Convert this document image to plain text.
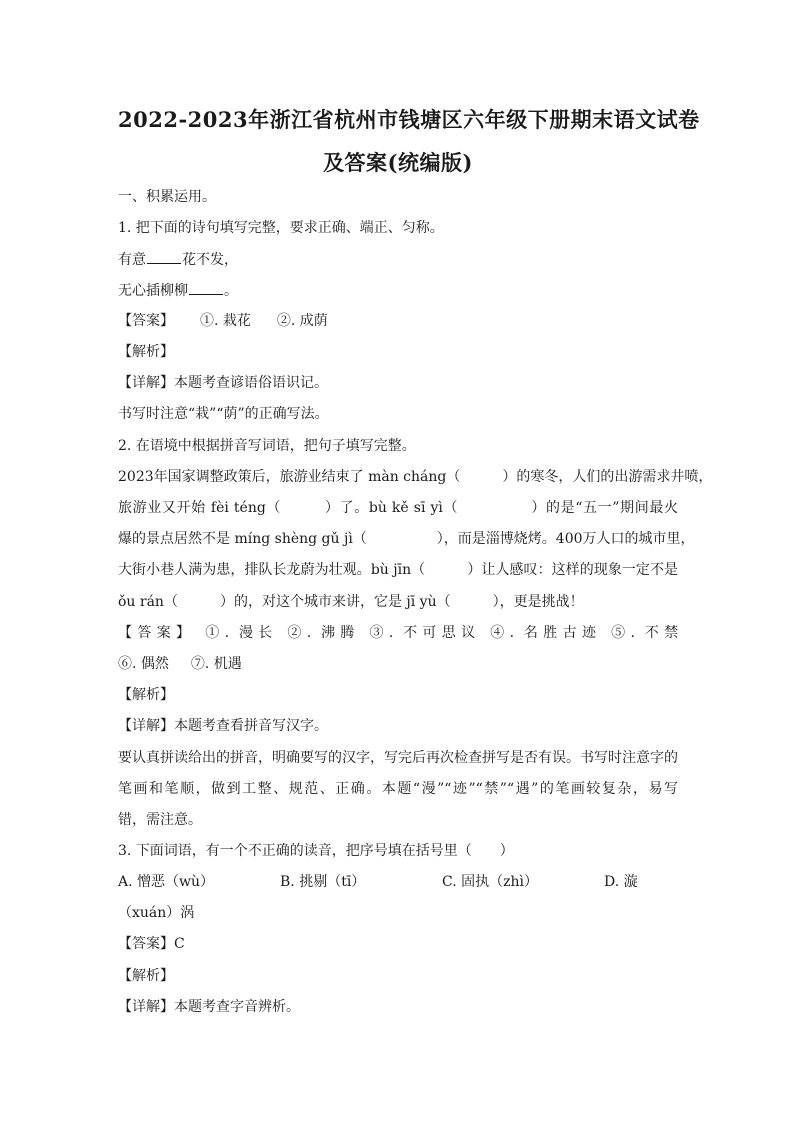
2022-2023年浙江省杭州市钱塘区六年级下册期末语文试卷
及答案(统编版)
一、积累运用。
1. 把下面的诗句填写完整，要求正确、端正、匀称。
有意	花不发，
无心插柳柳	。
【答案】 ①. 栽花 ②. 成荫
【解析】
【详解】本题考查谚语俗语识记。
书写时注意“栽”“荫”的正确写法。
2. 在语境中根据拼音写词语，把句子填写完整。
2023年国家调整政策后，旅游业结束了 màn cháng（　　　）的寒冬，人们的出游需求井喷，
旅游业又开始 fèi téng（　　　）了。bù kě sī yì（　　　　　）的是“五一”期间最火
爆的景点居然不是 míng shèng gǔ jì（　　　　　），而是淄博烧烤。400万人口的城市里，
大街小巷人满为患，排队长龙蔚为壮观。bù jīn（　　　）让人感叹：这样的现象一定不是
ǒu rán（　　　）的，对这个城市来讲，它是 jī yù（　　　），更是挑战！
【答案】 ①. 漫长 ②. 沸腾 ③. 不可思议 ④. 名胜古迹 ⑤. 不禁
⑥. 偶然 ⑦. 机遇
【解析】
【详解】本题考查看拼音写汉字。
要认真拼读给出的拼音，明确要写的汉字，写完后再次检查拼写是否有误。书写时注意字的
笔画和笔顺，做到工整、规范、正确。本题“漫”“迹”“禁”“遇”的笔画较复杂，易写
错，需注意。
3. 下面词语，有一个不正确的读音，把序号填在括号里（　　）
A. 憎恶（wù）	B. 挑剔（tī）	C. 固执（zhì）	D. 漩
（xuán）涡
【答案】C
【解析】
【详解】本题考查字音辨析。
